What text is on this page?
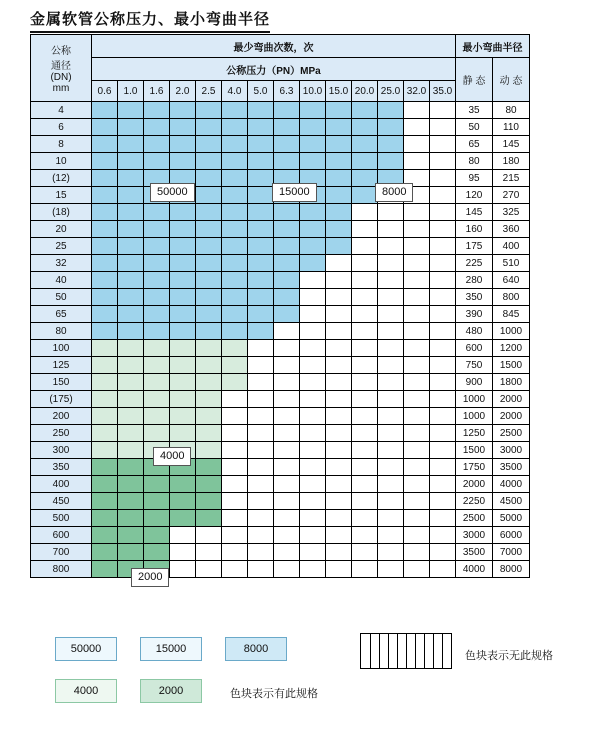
金属软管公称压力、最小弯曲半径
公称
通径
(DN)
mm	最少弯曲次数，次														最小弯曲半径	
	公称压力（PN）MPa														静 态	动 态
	0.6	1.0	1.6	2.0	2.5	4.0	5.0	6.3	10.0	15.0	20.0	25.0	32.0	35.0		
4															35	80
6															50	110
8															65	145
10															80	180
(12)															95	215
15															120	270
(18)															145	325
20															160	360
25															175	400
32															225	510
40															280	640
50															350	800
65															390	845
80															480	1000
100															600	1200
125															750	1500
150															900	1800
(175)															1000	2000
200															1000	2000
250															1250	2500
300															1500	3000
350															1750	3500
400															2000	4000
450															2250	4500
500															2500	5000
600															3000	6000
700															3500	7000
800															4000	8000
50000	15000	8000
4000
2000
50000	15000	8000
色块表示无此规格
4000	2000	色块表示有此规格
